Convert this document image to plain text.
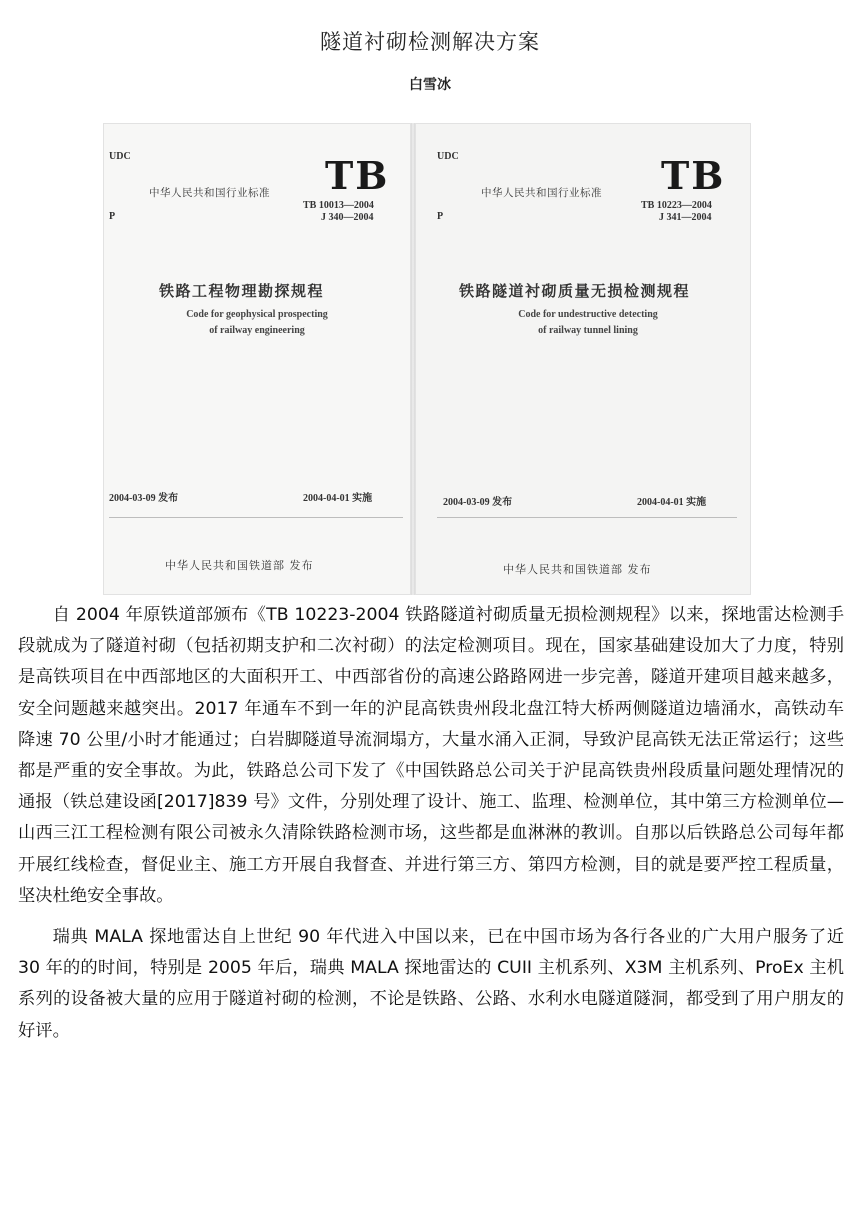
隧道衬砌检测解决方案
白雪冰
UDC
中华人民共和国行业标准 TB
P
TB 10013—2004
J 340—2004
铁路工程物理勘探规程
Code for geophysical prospecting
of railway engineering
2004-03-09 发布	2004-04-01 实施
中华人民共和国铁道部 发布
UDC
中华人民共和国行业标准 TB
P
TB 10223—2004
J 341—2004
铁路隧道衬砌质量无损检测规程
Code for undestructive detecting
of railway tunnel lining
2004-03-09 发布	2004-04-01 实施
中华人民共和国铁道部 发布

自 2004 年原铁道部颁布《TB 10223-2004 铁路隧道衬砌质量无损检测规程》以来，探地雷达检测手段就成为了隧道衬砌（包括初期支护和二次衬砌）的法定检测项目。现在，国家基础建设加大了力度，特别是高铁项目在中西部地区的大面积开工、中西部省份的高速公路路网进一步完善，隧道开建项目越来越多，安全问题越来越突出。2017 年通车不到一年的沪昆高铁贵州段北盘江特大桥两侧隧道边墙涌水，高铁动车降速 70 公里/小时才能通过；白岩脚隧道导流洞塌方，大量水涌入正洞，导致沪昆高铁无法正常运行；这些都是严重的安全事故。为此，铁路总公司下发了《中国铁路总公司关于沪昆高铁贵州段质量问题处理情况的通报（铁总建设函[2017]839 号》文件，分别处理了设计、施工、监理、检测单位，其中第三方检测单位—山西三江工程检测有限公司被永久清除铁路检测市场，这些都是血淋淋的教训。自那以后铁路总公司每年都开展红线检查，督促业主、施工方开展自我督查、并进行第三方、第四方检测，目的就是要严控工程质量，坚决杜绝安全事故。

瑞典 MALA 探地雷达自上世纪 90 年代进入中国以来，已在中国市场为各行各业的广大用户服务了近 30 年的的时间，特别是 2005 年后，瑞典 MALA 探地雷达的 CUII 主机系列、X3M 主机系列、ProEx 主机系列的设备被大量的应用于隧道衬砌的检测，不论是铁路、公路、水利水电隧道隧洞，都受到了用户朋友的好评。
